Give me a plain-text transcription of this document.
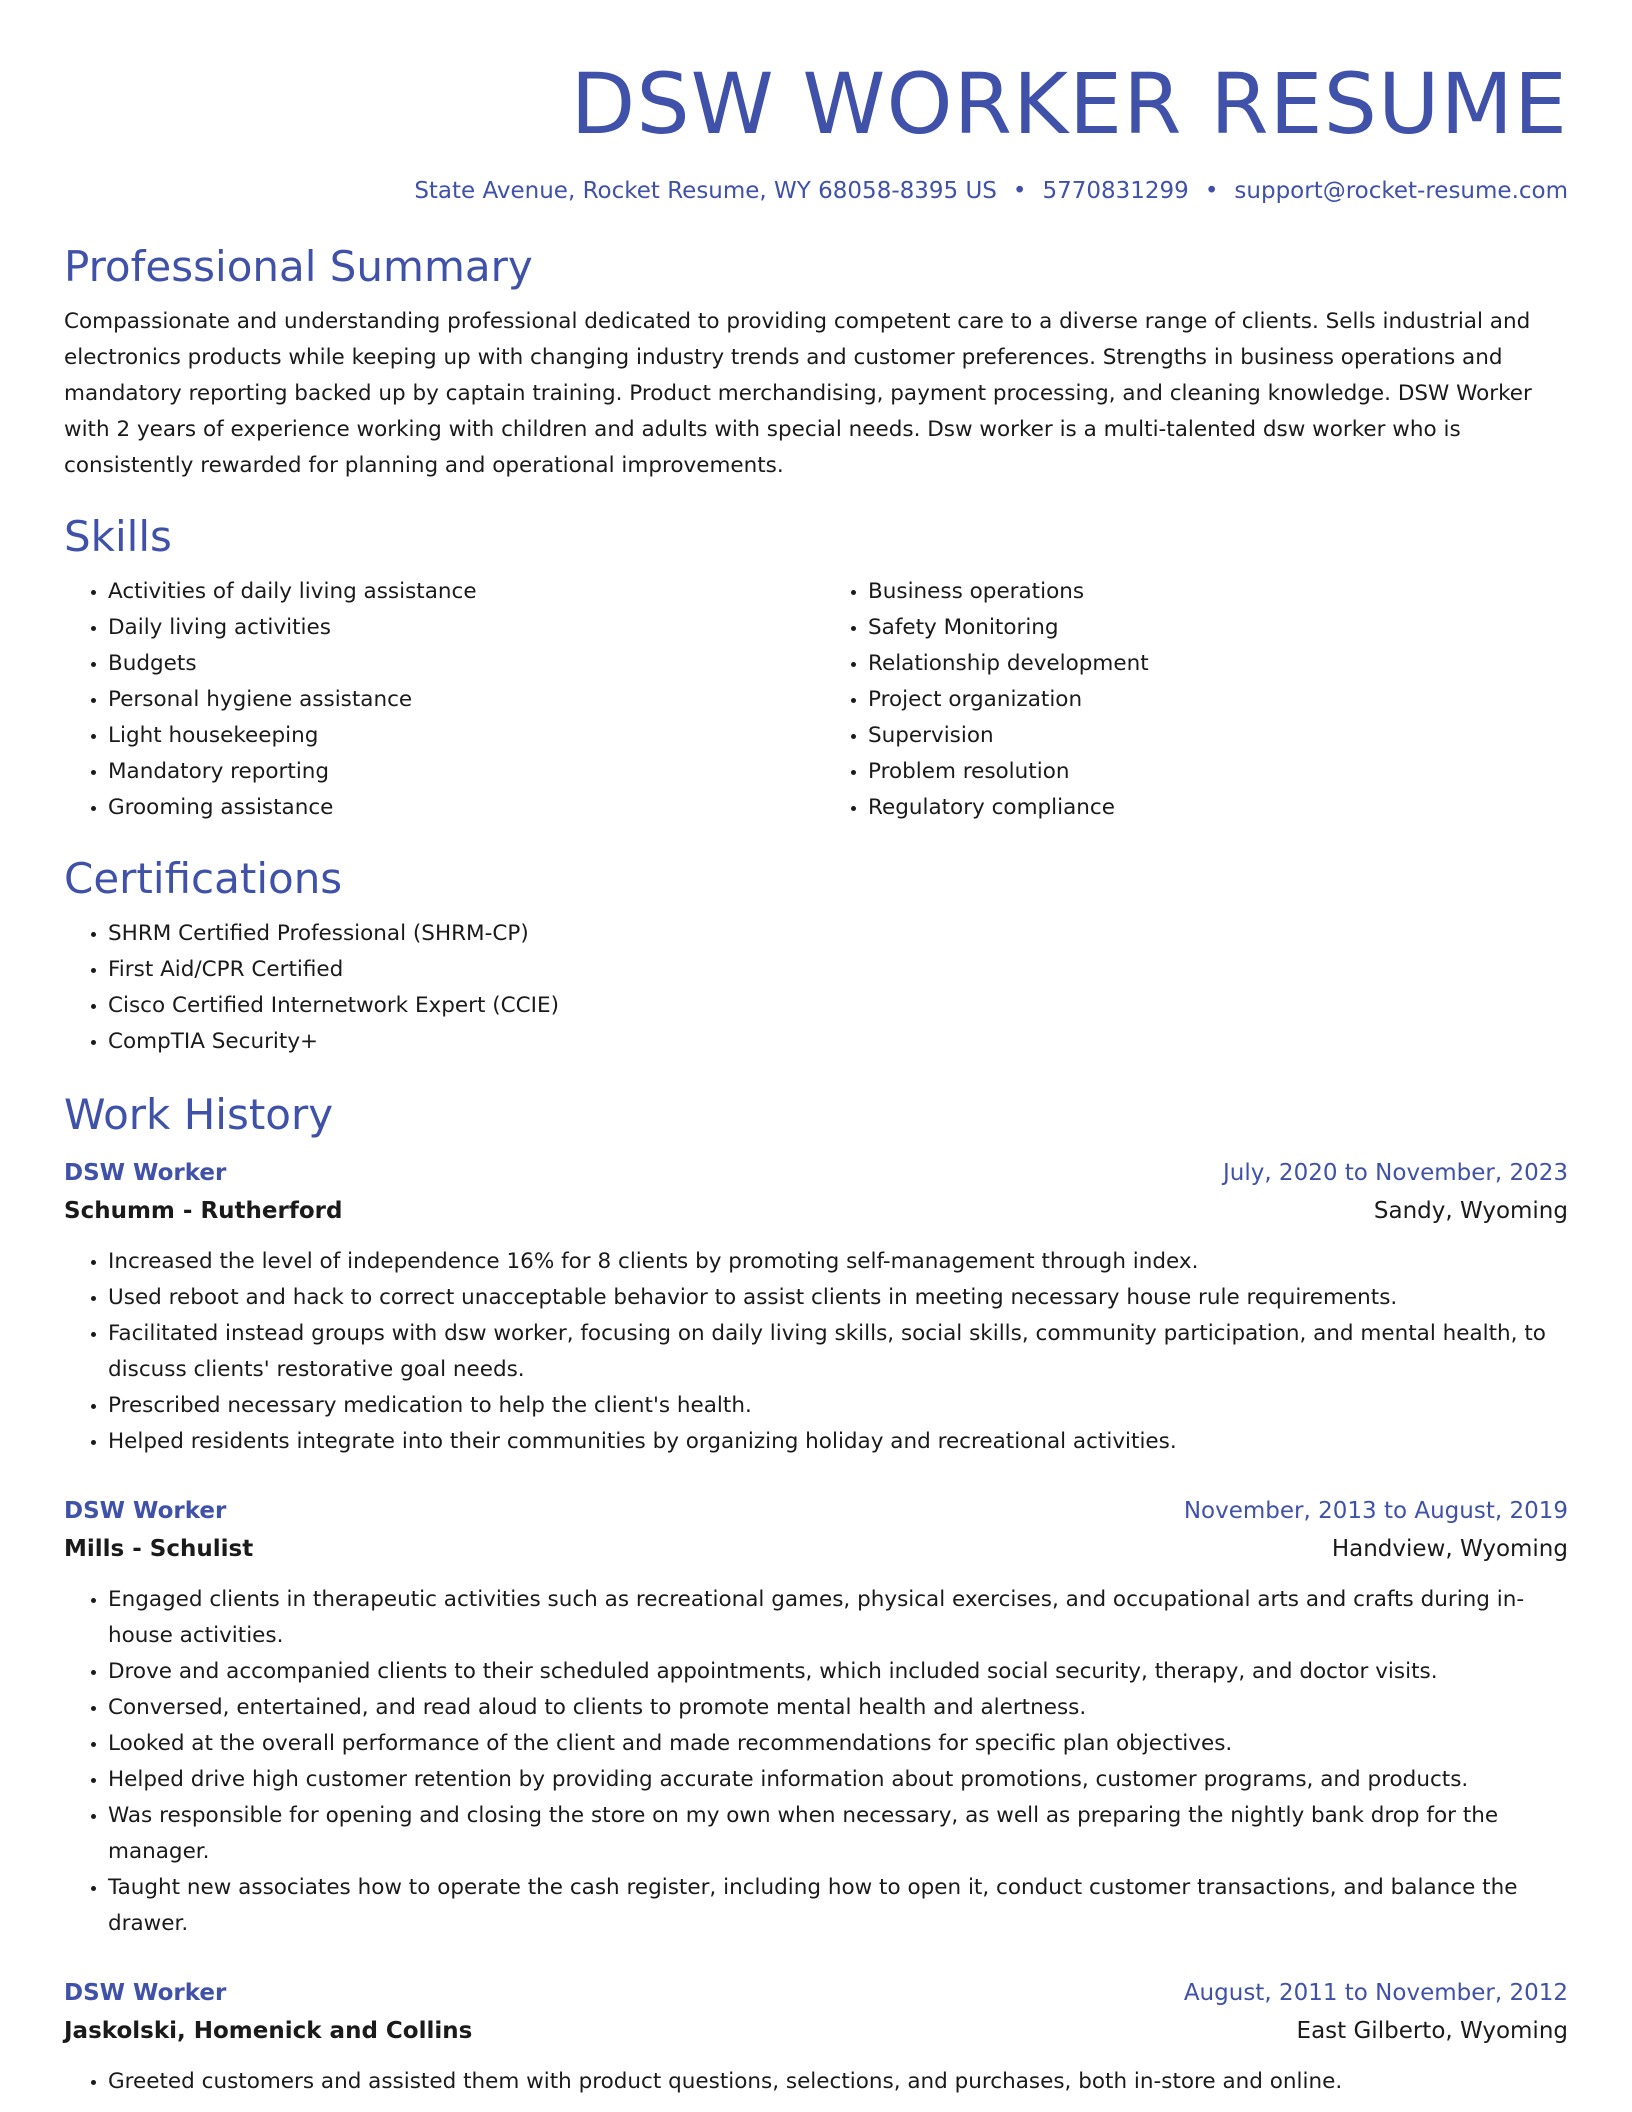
DSW WORKER RESUME
State Avenue, Rocket Resume, WY 68058-8395 US • 5770831299 • support@rocket-resume.com
Professional Summary

Compassionate and understanding professional dedicated to providing competent care to a diverse range of clients. Sells industrial and electronics products while keeping up with changing industry trends and customer preferences. Strengths in business operations and mandatory reporting backed up by captain training. Product merchandising, payment processing, and cleaning knowledge. DSW Worker with 2 years of experience working with children and adults with special needs. Dsw worker is a multi-talented dsw worker who is consistently rewarded for planning and operational improvements.

Skills
• Activities of daily living assistance
• Daily living activities
• Budgets
• Personal hygiene assistance
• Light housekeeping
• Mandatory reporting
• Grooming assistance
• Business operations
• Safety Monitoring
• Relationship development
• Project organization
• Supervision
• Problem resolution
• Regulatory compliance
Certifications
• SHRM Certified Professional (SHRM-CP)
• First Aid/CPR Certified
• Cisco Certified Internetwork Expert (CCIE)
• CompTIA Security+
Work History
DSW Worker	July, 2020 to November, 2023
Schumm - Rutherford	Sandy, Wyoming
• Increased the level of independence 16% for 8 clients by promoting self-management through index.
• Used reboot and hack to correct unacceptable behavior to assist clients in meeting necessary house rule requirements.
• Facilitated instead groups with dsw worker, focusing on daily living skills, social skills, community participation, and mental health, to discuss clients' restorative goal needs.
• Prescribed necessary medication to help the client's health.
• Helped residents integrate into their communities by organizing holiday and recreational activities.
DSW Worker	November, 2013 to August, 2019
Mills - Schulist	Handview, Wyoming
• Engaged clients in therapeutic activities such as recreational games, physical exercises, and occupational arts and crafts during in-house activities.
• Drove and accompanied clients to their scheduled appointments, which included social security, therapy, and doctor visits.
• Conversed, entertained, and read aloud to clients to promote mental health and alertness.
• Looked at the overall performance of the client and made recommendations for specific plan objectives.
• Helped drive high customer retention by providing accurate information about promotions, customer programs, and products.
• Was responsible for opening and closing the store on my own when necessary, as well as preparing the nightly bank drop for the manager.
• Taught new associates how to operate the cash register, including how to open it, conduct customer transactions, and balance the drawer.
DSW Worker	August, 2011 to November, 2012
Jaskolski, Homenick and Collins	East Gilberto, Wyoming
• Greeted customers and assisted them with product questions, selections, and purchases, both in-store and online.
